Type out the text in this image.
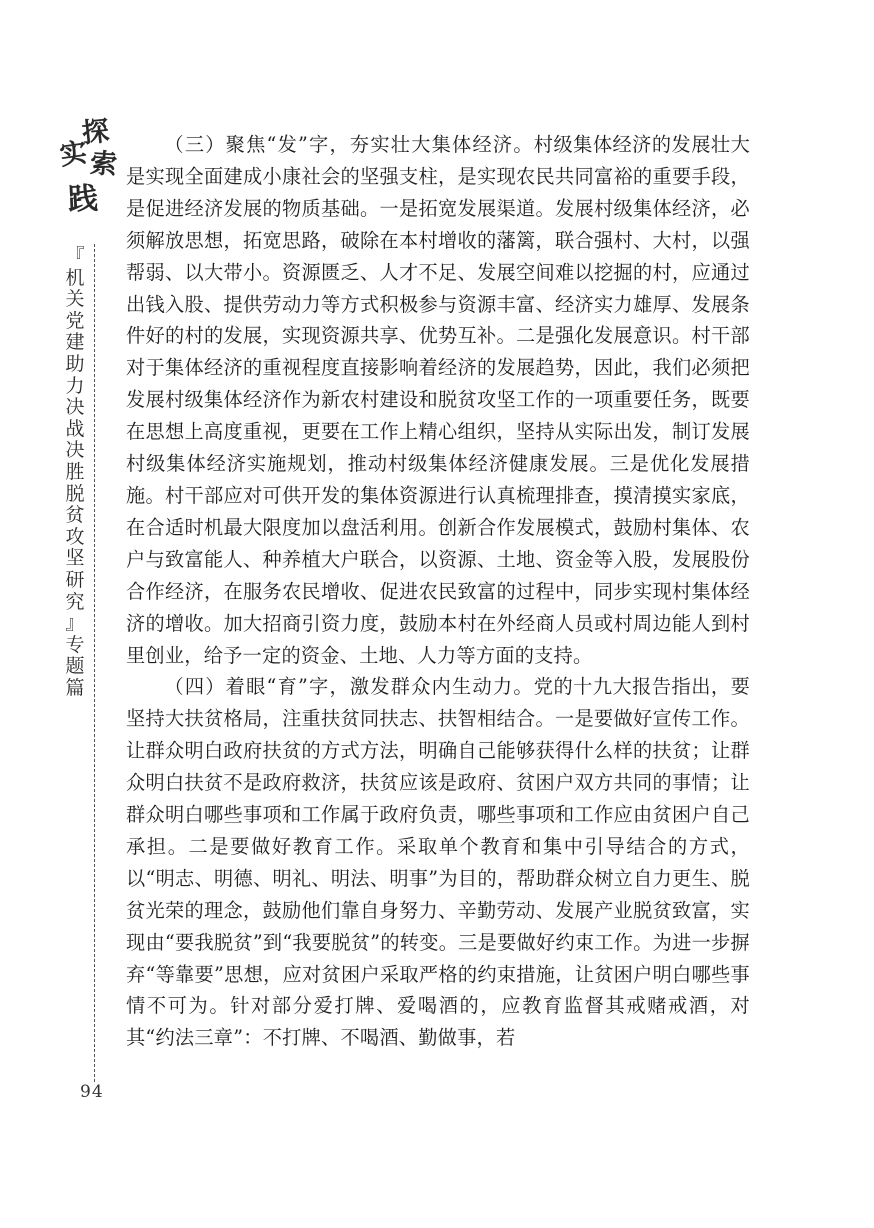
探
索
实
践
『
机
关
党
建
助
力
决
战
决
胜
脱
贫
攻
坚
研
究
』
专
题
篇
94

（三）聚焦“发”字，夯实壮大集体经济。村级集体经济的发展壮大是实现全面建成小康社会的坚强支柱，是实现农民共同富裕的重要手段，是促进经济发展的物质基础。一是拓宽发展渠道。发展村级集体经济，必须解放思想，拓宽思路，破除在本村增收的藩篱，联合强村、大村，以强帮弱、以大带小。资源匮乏、人才不足、发展空间难以挖掘的村，应通过出钱入股、提供劳动力等方式积极参与资源丰富、经济实力雄厚、发展条件好的村的发展，实现资源共享、优势互补。二是强化发展意识。村干部对于集体经济的重视程度直接影响着经济的发展趋势，因此，我们必须把发展村级集体经济作为新农村建设和脱贫攻坚工作的一项重要任务，既要在思想上高度重视，更要在工作上精心组织，坚持从实际出发，制订发展村级集体经济实施规划，推动村级集体经济健康发展。三是优化发展措施。村干部应对可供开发的集体资源进行认真梳理排查，摸清摸实家底，在合适时机最大限度加以盘活利用。创新合作发展模式，鼓励村集体、农户与致富能人、种养植大户联合，以资源、土地、资金等入股，发展股份合作经济，在服务农民增收、促进农民致富的过程中，同步实现村集体经济的增收。加大招商引资力度，鼓励本村在外经商人员或村周边能人到村里创业，给予一定的资金、土地、人力等方面的支持。

（四）着眼“育”字，激发群众内生动力。党的十九大报告指出，要坚持大扶贫格局，注重扶贫同扶志、扶智相结合。一是要做好宣传工作。让群众明白政府扶贫的方式方法，明确自己能够获得什么样的扶贫；让群众明白扶贫不是政府救济，扶贫应该是政府、贫困户双方共同的事情；让群众明白哪些事项和工作属于政府负责，哪些事项和工作应由贫困户自己承担。二是要做好教育工作。采取单个教育和集中引导结合的方式，以“明志、明德、明礼、明法、明事”为目的，帮助群众树立自力更生、脱贫光荣的理念，鼓励他们靠自身努力、辛勤劳动、发展产业脱贫致富，实现由“要我脱贫”到“我要脱贫”的转变。三是要做好约束工作。为进一步摒弃“等靠要”思想，应对贫困户采取严格的约束措施，让贫困户明白哪些事情不可为。针对部分爱打牌、爱喝酒的，应教育监督其戒赌戒酒，对其“约法三章”：不打牌、不喝酒、勤做事，若
